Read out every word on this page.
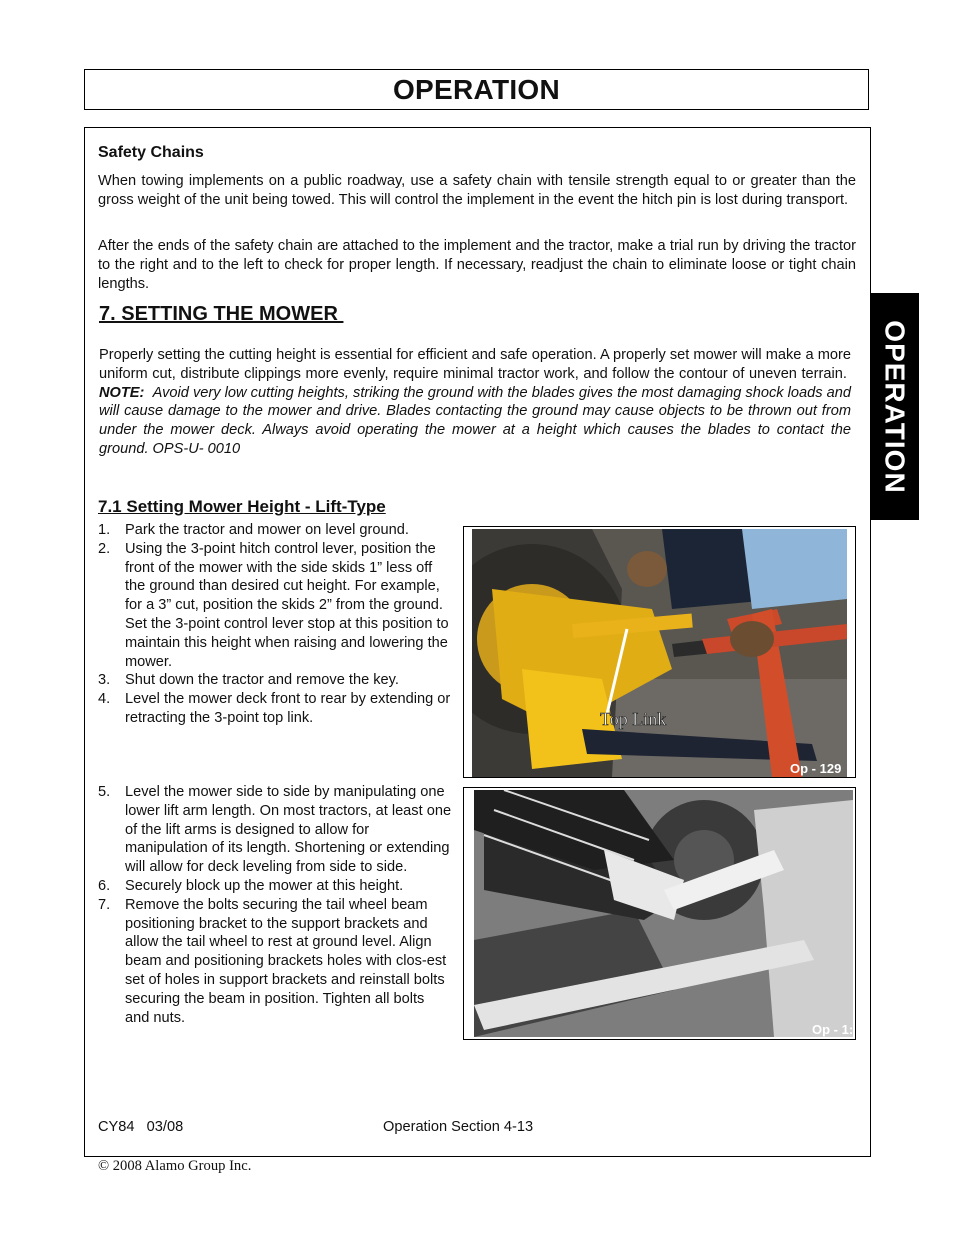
OPERATION
OPERATION
Safety Chains
When towing implements on a public roadway, use a safety chain with tensile strength equal to or greater than the gross weight of the unit being towed. This will control the implement in the event the hitch pin is lost during transport.
After the ends of the safety chain are attached to the implement and the tractor, make a trial run by driving the tractor to the right and to the left to check for proper length. If necessary, readjust the chain to eliminate loose or tight chain lengths.
7. SETTING THE MOWER
Properly setting the cutting height is essential for efficient and safe operation. A properly set mower will make a more uniform cut, distribute clippings more evenly, require minimal tractor work, and follow the contour of uneven terrain.  NOTE: Avoid very low cutting heights, striking the ground with the blades gives the most damaging shock loads and will cause damage to the mower and drive. Blades contacting the ground may cause objects to be thrown out from under the mower deck. Always avoid operating the mower at a height which causes the blades to contact the ground. OPS-U- 0010
7.1 Setting Mower Height - Lift-Type
1. Park the tractor and mower on level ground.
2. Using the 3-point hitch control lever, position the front of the mower with the side skids 1” less off the ground than desired cut height. For example, for a 3” cut, position the skids 2” from the ground. Set the 3-point control lever stop at this position to maintain this height when raising and lowering the mower.
3. Shut down the tractor and remove the key.
4. Level the mower deck front to rear by extending or retracting the 3-point top link.
5. Level the mower side to side by manipulating one lower lift arm length. On most tractors, at least one of the lift arms is designed to allow for manipulation of its length. Shortening or extending will allow for deck leveling from side to side.
6. Securely block up the mower at this height.
7. Remove the bolts securing the tail wheel beam positioning bracket to the support brackets and allow the tail wheel to rest at ground level. Align beam and positioning brackets holes with clos-est set of holes in support brackets and reinstall bolts securing the beam in position. Tighten all bolts and nuts.
Top Link
Op - 129
Op - 1:
CY84   03/08	Operation Section 4-13
© 2008 Alamo Group Inc.
